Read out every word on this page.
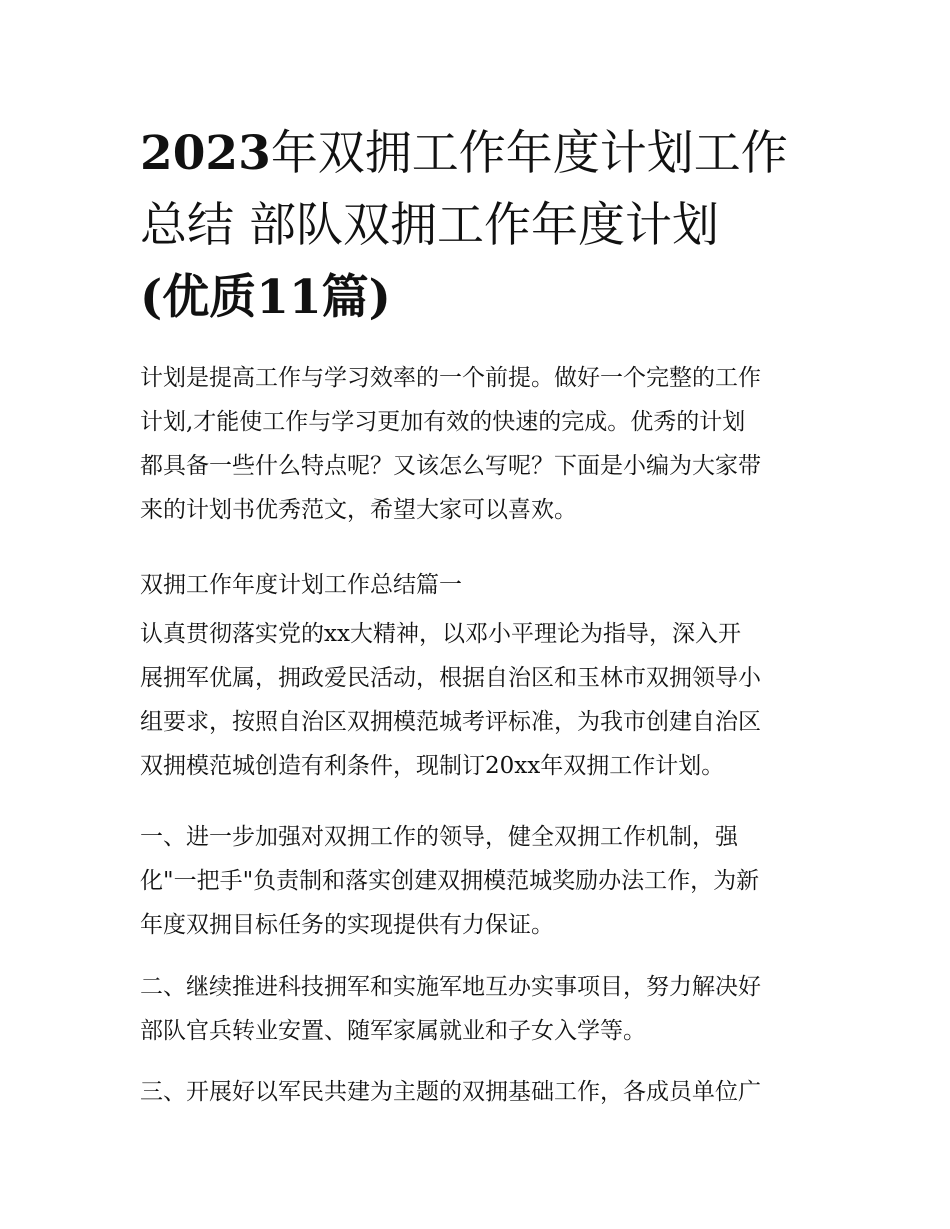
2023年双拥工作年度计划工作
总结 部队双拥工作年度计划
(优质11篇)

计划是提高工作与学习效率的一个前提。做好一个完整的工作
计划,才能使工作与学习更加有效的快速的完成。优秀的计划
都具备一些什么特点呢？又该怎么写呢？下面是小编为大家带
来的计划书优秀范文，希望大家可以喜欢。

双拥工作年度计划工作总结篇一

认真贯彻落实党的xx大精神，以邓小平理论为指导，深入开
展拥军优属，拥政爱民活动，根据自治区和玉林市双拥领导小
组要求，按照自治区双拥模范城考评标准，为我市创建自治区
双拥模范城创造有利条件，现制订20xx年双拥工作计划。

一、进一步加强对双拥工作的领导，健全双拥工作机制，强
化"一把手"负责制和落实创建双拥模范城奖励办法工作，为新
年度双拥目标任务的实现提供有力保证。

二、继续推进科技拥军和实施军地互办实事项目，努力解决好
部队官兵转业安置、随军家属就业和子女入学等。

三、开展好以军民共建为主题的双拥基础工作，各成员单位广
